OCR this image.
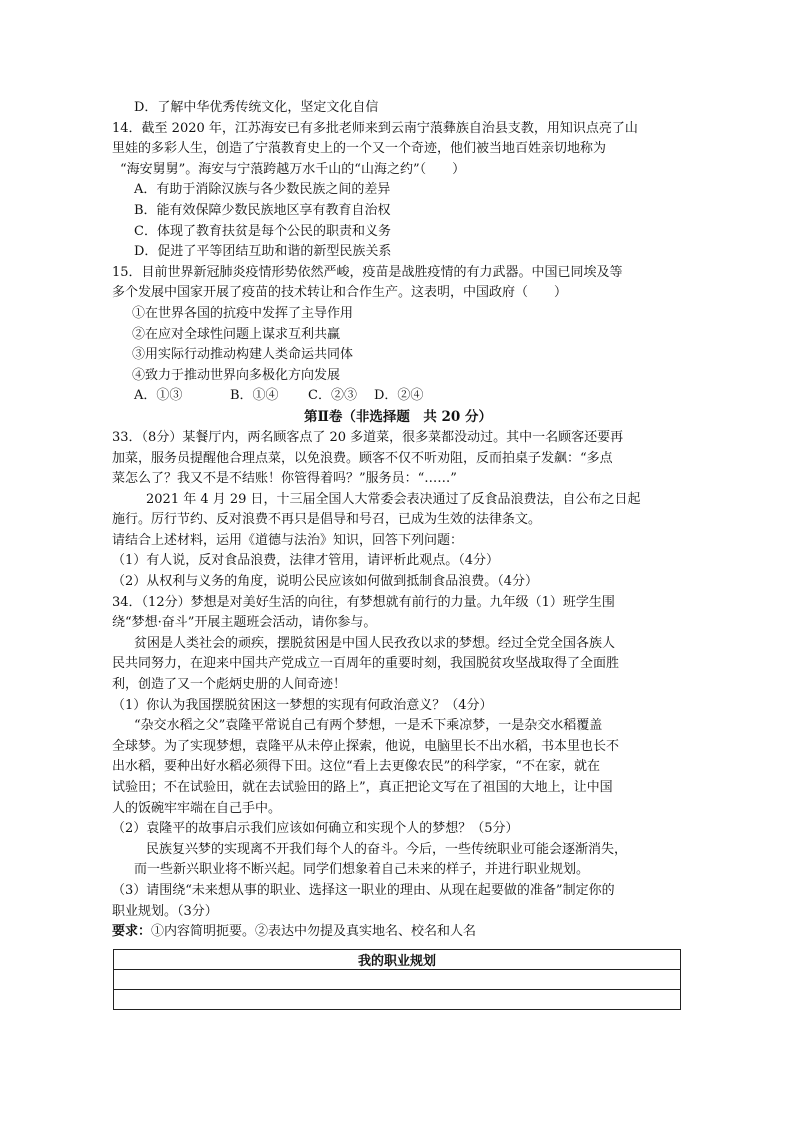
D．了解中华优秀传统文化，坚定文化自信
14．截至 2020 年，江苏海安已有多批老师来到云南宁蒗彝族自治县支教，用知识点亮了山
里娃的多彩人生，创造了宁蒗教育史上的一个又一个奇迹，他们被当地百姓亲切地称为
“海安舅舅”。海安与宁蒗跨越万水千山的“山海之约”（　　）
A．有助于消除汉族与各少数民族之间的差异
B．能有效保障少数民族地区享有教育自治权
C．体现了教育扶贫是每个公民的职责和义务
D．促进了平等团结互助和谐的新型民族关系
15．目前世界新冠肺炎疫情形势依然严峻，疫苗是战胜疫情的有力武器。中国已同埃及等
多个发展中国家开展了疫苗的技术转让和合作生产。这表明，中国政府（　　）
①在世界各国的抗疫中发挥了主导作用
②在应对全球性问题上谋求互利共赢
③用实际行动推动构建人类命运共同体
④致力于推动世界向多极化方向发展
A．①③	B．①④	C．②③	D．②④
第Ⅱ卷（非选择题　共 20 分）
33．（8分）某餐厅内，两名顾客点了 20 多道菜，很多菜都没动过。其中一名顾客还要再
加菜，服务员提醒他合理点菜，以免浪费。顾客不仅不听劝阻，反而拍桌子发飙：“多点
菜怎么了？我又不是不结账！你管得着吗？”服务员：“……”
2021 年 4 月 29 日，十三届全国人大常委会表决通过了反食品浪费法，自公布之日起
施行。厉行节约、反对浪费不再只是倡导和号召，已成为生效的法律条文。
请结合上述材料，运用《道德与法治》知识，回答下列问题：
（1）有人说，反对食品浪费，法律才管用，请评析此观点。（4分）
（2）从权利与义务的角度，说明公民应该如何做到抵制食品浪费。（4分）
34．（12分）梦想是对美好生活的向往，有梦想就有前行的力量。九年级（1）班学生围
绕“梦想·奋斗”开展主题班会活动，请你参与。
贫困是人类社会的顽疾，摆脱贫困是中国人民孜孜以求的梦想。经过全党全国各族人
民共同努力，在迎来中国共产党成立一百周年的重要时刻，我国脱贫攻坚战取得了全面胜
利，创造了又一个彪炳史册的人间奇迹！
（1）你认为我国摆脱贫困这一梦想的实现有何政治意义？（4分）
“杂交水稻之父”袁隆平常说自己有两个梦想，一是禾下乘凉梦，一是杂交水稻覆盖
全球梦。为了实现梦想，袁隆平从未停止探索，他说，电脑里长不出水稻，书本里也长不
出水稻，要种出好水稻必须得下田。这位“看上去更像农民”的科学家，“不在家，就在
试验田；不在试验田，就在去试验田的路上”，真正把论文写在了祖国的大地上，让中国
人的饭碗牢牢端在自己手中。
（2）袁隆平的故事启示我们应该如何确立和实现个人的梦想？（5分）
民族复兴梦的实现离不开我们每个人的奋斗。今后，一些传统职业可能会逐渐消失，
而一些新兴职业将不断兴起。同学们想象着自己未来的样子，并进行职业规划。
（3）请围绕“未来想从事的职业、选择这一职业的理由、从现在起要做的准备”制定你的
职业规划。（3分）
要求：①内容简明扼要。②表达中勿提及真实地名、校名和人名
我的职业规划
